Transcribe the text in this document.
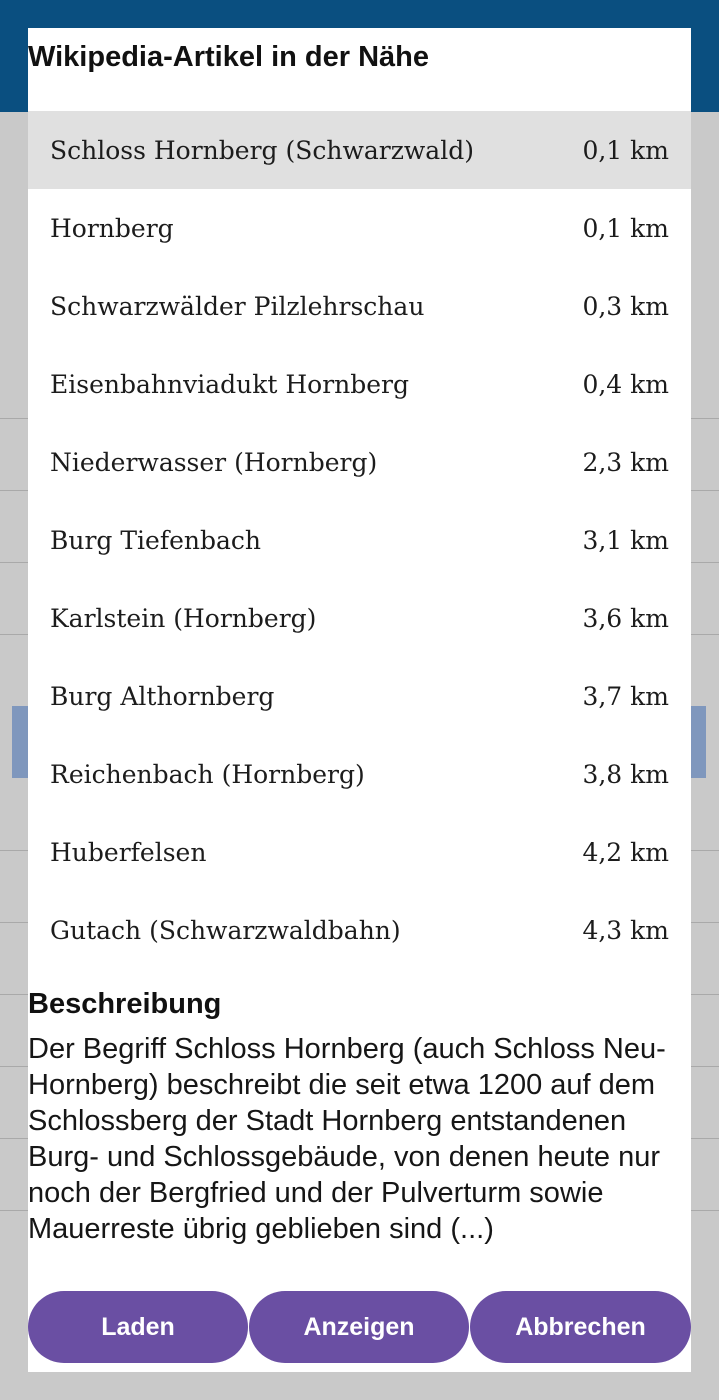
Wikipedia-Artikel in der Nähe
Schloss Hornberg (Schwarzwald)	0,1 km
Hornberg	0,1 km
Schwarzwälder Pilzlehrschau	0,3 km
Eisenbahnviadukt Hornberg	0,4 km
Niederwasser (Hornberg)	2,3 km
Burg Tiefenbach	3,1 km
Karlstein (Hornberg)	3,6 km
Burg Althornberg	3,7 km
Reichenbach (Hornberg)	3,8 km
Huberfelsen	4,2 km
Gutach (Schwarzwaldbahn)	4,3 km
Beschreibung
Der Begriff Schloss Hornberg (auch Schloss Neu-Hornberg) beschreibt die seit etwa 1200 auf dem Schlossberg der Stadt Hornberg entstandenen Burg- und Schlossgebäude, von denen heute nur noch der Bergfried und der Pulverturm sowie Mauerreste übrig geblieben sind (...)
Laden	Anzeigen	Abbrechen
